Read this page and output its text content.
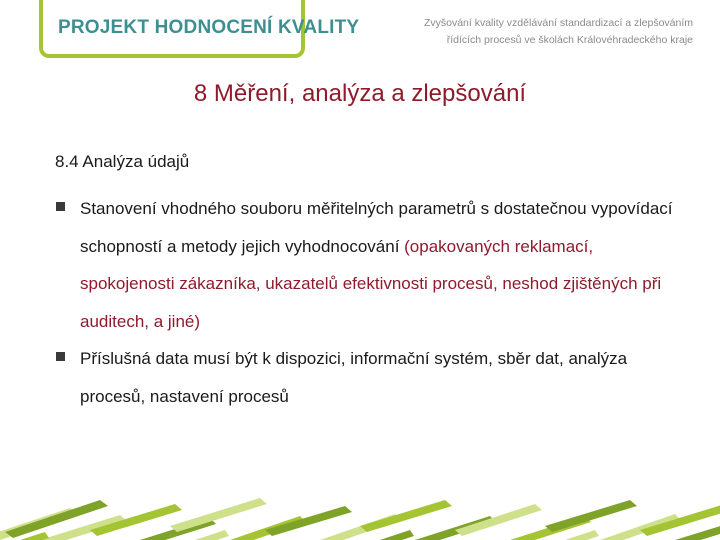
PROJEKT HODNOCENÍ KVALITY	Zvyšování kvality vzdělávání standardizací a zlepšováním
řídících procesů ve školách Královéhradeckého kraje
8 Měření, analýza a zlepšování
8.4 Analýza údajů
Stanovení vhodného souboru měřitelných parametrů s dostatečnou vypovídací schopností a metody jejich vyhodnocování (opakovaných reklamací, spokojenosti zákazníka, ukazatelů efektivnosti procesů, neshod zjištěných při auditech, a jiné)
Příslušná data musí být k dispozici, informační systém, sběr dat, analýza procesů, nastavení procesů
